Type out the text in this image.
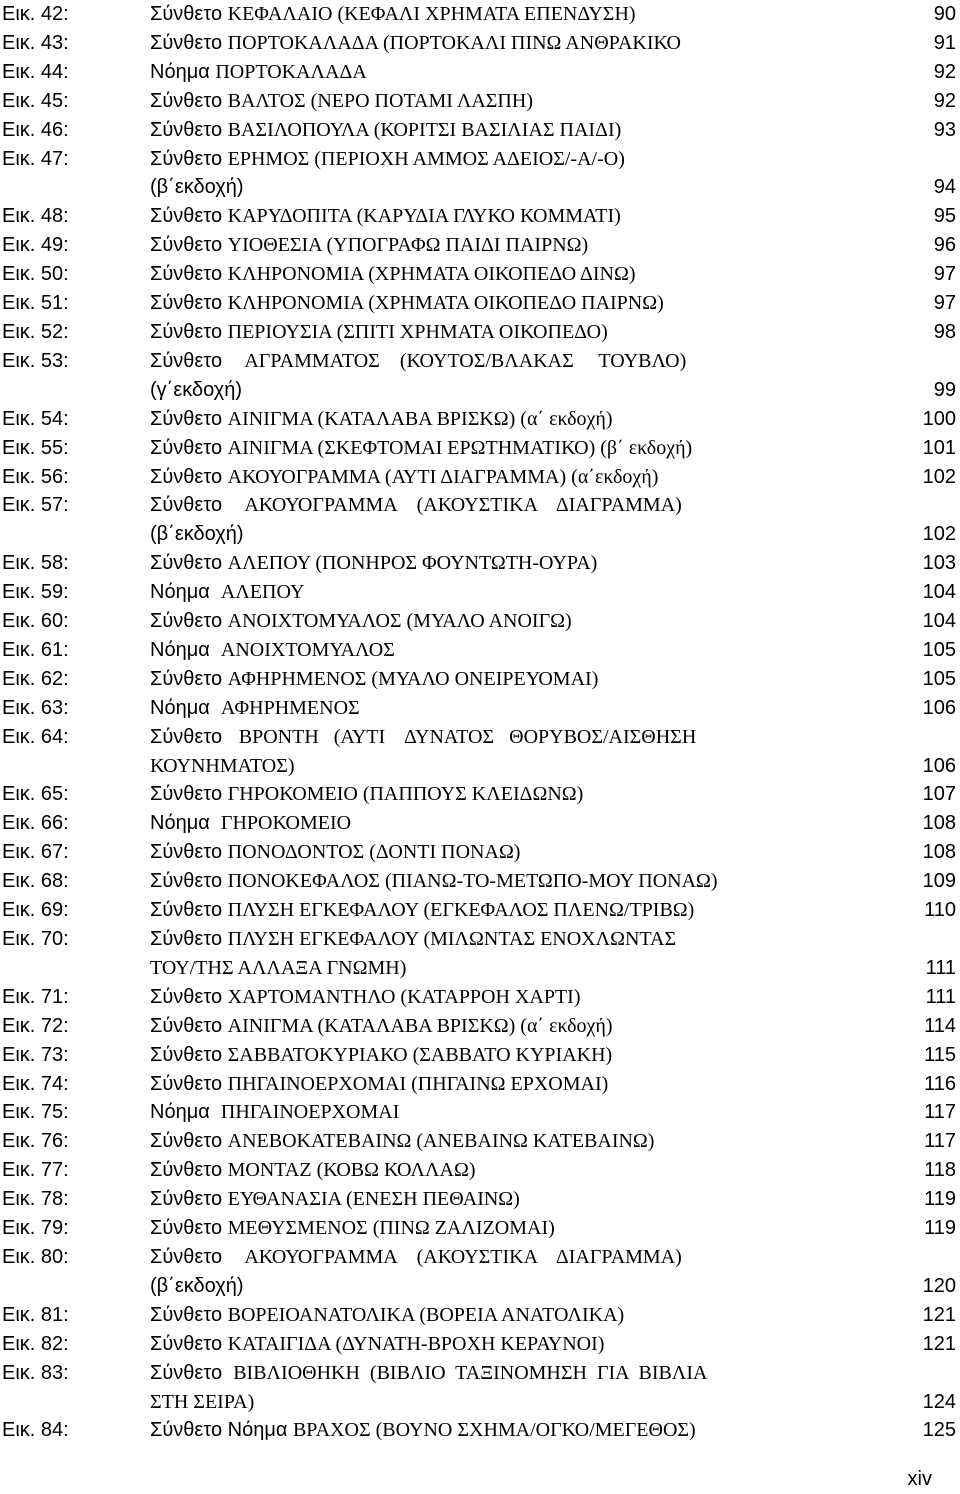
Εικ. 42:	Σύνθετο ΚΕΦΑΛΑΙΟ (ΚΕΦΑΛΙ ΧΡΗΜΑΤΑ ΕΠΕΝΔΥΣΗ)	90
Εικ. 43:	Σύνθετο ΠΟΡΤΟΚΑΛΑΔΑ (ΠΟΡΤΟΚΑΛΙ ΠΙΝΩ ΑΝΘΡΑΚΙΚΟ	91
Εικ. 44:	Νόημα ΠΟΡΤΟΚΑΛΑΔΑ	92
Εικ. 45:	Σύνθετο ΒΑΛΤΟΣ (ΝΕΡΟ ΠΟΤΑΜΙ ΛΑΣΠΗ)	92
Εικ. 46:	Σύνθετο ΒΑΣΙΛΟΠΟΥΛΑ (ΚΟΡΙΤΣΙ ΒΑΣΙΛΙΑΣ ΠΑΙΔΙ)	93
Εικ. 47:	Σύνθετο ΕΡΗΜΟΣ (ΠΕΡΙΟΧΗ ΑΜΜΟΣ ΑΔΕΙΟΣ/-Α/-Ο)
(β΄εκδοχή)	94
Εικ. 48:	Σύνθετο ΚΑΡΥΔΟΠΙΤΑ (ΚΑΡΥΔΙΑ ΓΛΥΚΟ ΚΟΜΜΑΤΙ)	95
Εικ. 49:	Σύνθετο ΥΙΟΘΕΣΙΑ (ΥΠΟΓΡΑΦΩ ΠΑΙΔΙ ΠΑΙΡΝΩ)	96
Εικ. 50:	Σύνθετο ΚΛΗΡΟΝΟΜΙΑ (ΧΡΗΜΑΤΑ ΟΙΚΟΠΕΔΟ ΔΙΝΩ)	97
Εικ. 51:	Σύνθετο ΚΛΗΡΟΝΟΜΙΑ (ΧΡΗΜΑΤΑ ΟΙΚΟΠΕΔΟ ΠΑΙΡΝΩ)	97
Εικ. 52:	Σύνθετο ΠΕΡΙΟΥΣΙΑ (ΣΠΙΤΙ ΧΡΗΜΑΤΑ ΟΙΚΟΠΕΔΟ)	98
Εικ. 53:	Σύνθετο    ΑΓΡΑΜΜΑΤΟΣ    (ΚΟΥΤΟΣ/ΒΛΑΚΑΣ     ΤΟΥΒΛΟ)
(γ΄εκδοχή)	99
Εικ. 54:	Σύνθετο ΑΙΝΙΓΜΑ (ΚΑΤΑΛΑΒΑ ΒΡΙΣΚΩ) (α΄ εκδοχή)	100
Εικ. 55:	Σύνθετο ΑΙΝΙΓΜΑ (ΣΚΕΦΤΟΜΑΙ ΕΡΩΤΗΜΑΤΙΚΟ) (β΄ εκδοχή)	101
Εικ. 56:	Σύνθετο ΑΚΟΥΟΓΡΑΜΜΑ (ΑΥΤΙ ΔΙΑΓΡΑΜΜΑ) (α΄εκδοχή)	102
Εικ. 57:	Σύνθετο    ΑΚΟΥΟΓΡΑΜΜΑ    (ΑΚΟΥΣΤΙΚΑ    ΔΙΑΓΡΑΜΜΑ)
(β΄εκδοχή)	102
Εικ. 58:	Σύνθετο ΑΛΕΠΟΥ (ΠΟΝΗΡΟΣ ΦΟΥΝΤΩΤΗ-ΟΥΡΑ)	103
Εικ. 59:	Νόημα  ΑΛΕΠΟΥ	104
Εικ. 60:	Σύνθετο ΑΝΟΙΧΤΟΜΥΑΛΟΣ (ΜΥΑΛΟ ΑΝΟΙΓΩ)	104
Εικ. 61:	Νόημα  ΑΝΟΙΧΤΟΜΥΑΛΟΣ	105
Εικ. 62:	Σύνθετο ΑΦΗΡΗΜΕΝΟΣ (ΜΥΑΛΟ ΟΝΕΙΡΕΥΟΜΑΙ)	105
Εικ. 63:	Νόημα  ΑΦΗΡΗΜΕΝΟΣ	106
Εικ. 64:	Σύνθετο   ΒΡΟΝΤΗ   (ΑΥΤΙ    ΔΥΝΑΤΟΣ   ΘΟΡΥΒΟΣ/ΑΙΣΘΗΣΗ
ΚΟΥΝΗΜΑΤΟΣ)	106
Εικ. 65:	Σύνθετο ΓΗΡΟΚΟΜΕΙΟ (ΠΑΠΠΟΥΣ ΚΛΕΙΔΩΝΩ)	107
Εικ. 66:	Νόημα  ΓΗΡΟΚΟΜΕΙΟ	108
Εικ. 67:	Σύνθετο ΠΟΝΟΔΟΝΤΟΣ (ΔΟΝΤΙ ΠΟΝΑΩ)	108
Εικ. 68:	Σύνθετο ΠΟΝΟΚΕΦΑΛΟΣ (ΠΙΑΝΩ-ΤΟ-ΜΕΤΩΠΟ-ΜΟΥ ΠΟΝΑΩ)	109
Εικ. 69:	Σύνθετο ΠΛΥΣΗ ΕΓΚΕΦΑΛΟΥ (ΕΓΚΕΦΑΛΟΣ ΠΛΕΝΩ/ΤΡΙΒΩ)	110
Εικ. 70:	Σύνθετο ΠΛΥΣΗ ΕΓΚΕΦΑΛΟΥ (ΜΙΛΩΝΤΑΣ ΕΝΟΧΛΩΝΤΑΣ
ΤΟΥ/ΤΗΣ ΑΛΛΑΞΑ ΓΝΩΜΗ)	111
Εικ. 71:	Σύνθετο ΧΑΡΤΟΜΑΝΤΗΛΟ (ΚΑΤΑΡΡΟΗ ΧΑΡΤΙ)	111
Εικ. 72:	Σύνθετο ΑΙΝΙΓΜΑ (ΚΑΤΑΛΑΒΑ ΒΡΙΣΚΩ) (α΄ εκδοχή)	114
Εικ. 73:	Σύνθετο ΣΑΒΒΑΤΟΚΥΡΙΑΚΟ (ΣΑΒΒΑΤΟ ΚΥΡΙΑΚΗ)	115
Εικ. 74:	Σύνθετο ΠΗΓΑΙΝΟΕΡΧΟΜΑΙ (ΠΗΓΑΙΝΩ ΕΡΧΟΜΑΙ)	116
Εικ. 75:	Νόημα  ΠΗΓΑΙΝΟΕΡΧΟΜΑΙ	117
Εικ. 76:	Σύνθετο ΑΝΕΒΟΚΑΤΕΒΑΙΝΩ (ΑΝΕΒΑΙΝΩ ΚΑΤΕΒΑΙΝΩ)	117
Εικ. 77:	Σύνθετο ΜΟΝΤΑΖ (ΚΟΒΩ ΚΟΛΛΑΩ)	118
Εικ. 78:	Σύνθετο ΕΥΘΑΝΑΣΙΑ (ΕΝΕΣΗ ΠΕΘΑΙΝΩ)	119
Εικ. 79:	Σύνθετο ΜΕΘΥΣΜΕΝΟΣ (ΠΙΝΩ ΖΑΛΙΖΟΜΑΙ)	119
Εικ. 80:	Σύνθετο    ΑΚΟΥΟΓΡΑΜΜΑ    (ΑΚΟΥΣΤΙΚΑ    ΔΙΑΓΡΑΜΜΑ)
(β΄εκδοχή)	120
Εικ. 81:	Σύνθετο ΒΟΡΕΙΟΑΝΑΤΟΛΙΚΑ (ΒΟΡΕΙΑ ΑΝΑΤΟΛΙΚΑ)	121
Εικ. 82:	Σύνθετο ΚΑΤΑΙΓΙΔΑ (ΔΥΝΑΤΗ-ΒΡΟΧΗ ΚΕΡΑΥΝΟΙ)	121
Εικ. 83:	Σύνθετο  ΒΙΒΛΙΟΘΗΚΗ  (ΒΙΒΛΙΟ  ΤΑΞΙΝΟΜΗΣΗ  ΓΙΑ  ΒΙΒΛΙΑ
ΣΤΗ ΣΕΙΡΑ)	124
Εικ. 84:	Σύνθετο Νόημα ΒΡΑΧΟΣ (ΒΟΥΝΟ ΣΧΗΜΑ/ΟΓΚΟ/ΜΕΓΕΘΟΣ)	125
xiv
